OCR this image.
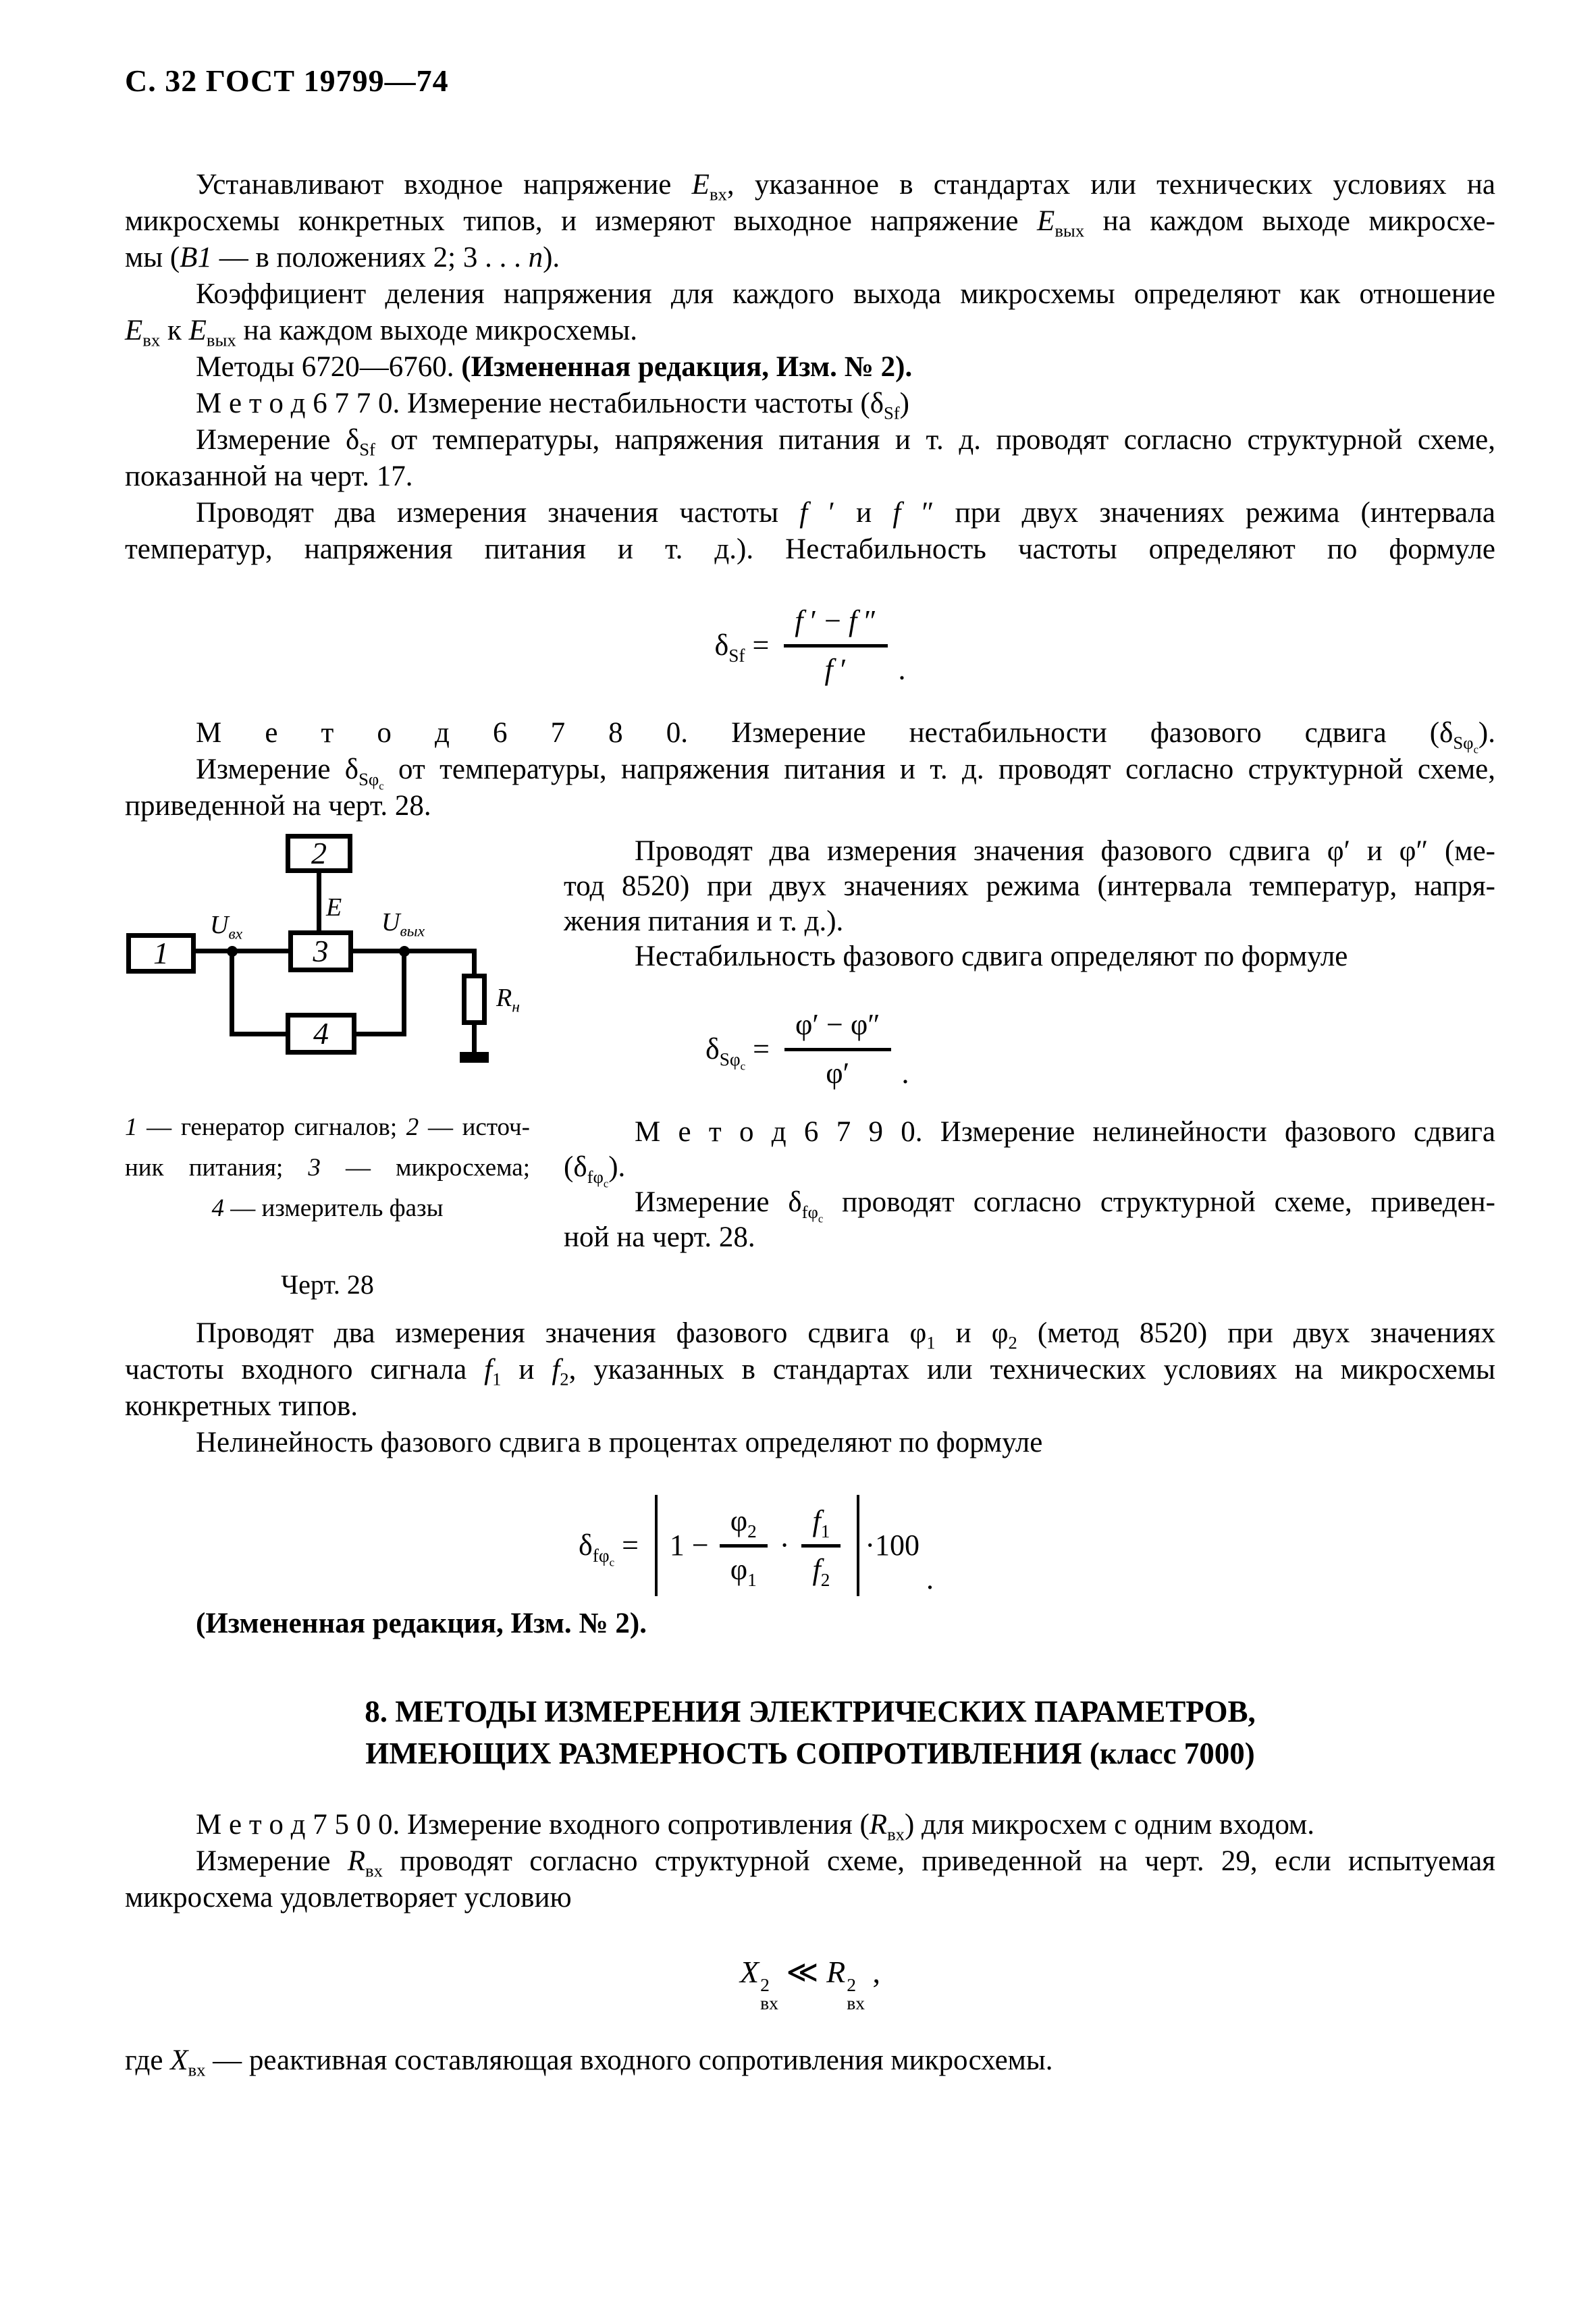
С. 32 ГОСТ 19799—74
Устанавливают входное напряжение $E_{вх}$, указанное в стандартах или технических условиях на
микросхемы конкретных типов, и измеряют выходное напряжение $E_{вых}$ на каждом выходе микросхе-
мы (B1 — в положениях 2; 3 . . . n).
Коэффициент деления напряжения для каждого выхода микросхемы определяют как отношение
$E_{вх}$ к $E_{вых}$ на каждом выходе микросхемы.
Методы 6720—6760. (Измененная редакция, Изм. № 2).
М е т о д 6 7 7 0. Измерение нестабильности частоты $(\delta_{Sf})$
Измерение $\delta_{Sf}$ от температуры, напряжения питания и т. д. проводят согласно структурной схеме,
показанной на черт. 17.
Проводят два измерения значения частоты f ′ и f ″ при двух значениях режима (интервала
температур, напряжения питания и т. д.). Нестабильность частоты определяют по формуле
$\delta_{Sf} = \frac{f ' - f ''}{f '}$ .
М е т о д 6 7 8 0. Измерение нестабильности фазового сдвига $(\delta_{S\varphi_с})$.
Измерение $\delta_{S\varphi_с}$ от температуры, напряжения питания и т. д. проводят согласно структурной схеме,
приведенной на черт. 28.
2
1	3
4
E
$U_{вх}$	$U_{вых}$
$R_н$
1 — генератор сигналов; 2 — источ-
ник питания; 3 — микросхема;
4 — измеритель фазы
Черт. 28
Проводят два измерения значения фазового сдвига φ′ и φ″ (ме-
тод 8520) при двух значениях режима (интервала температур, напря-
жения питания и т. д.).
Нестабильность фазового сдвига определяют по формуле
$\delta_{S\varphi_с} = \frac{\varphi' - \varphi''}{\varphi'}$ .
М е т о д 6 7 9 0. Измерение нелинейности фазового сдвига
$(\delta_{f\varphi_с})$.
Измерение $\delta_{f\varphi_с}$ проводят согласно структурной схеме, приведен-
ной на черт. 28.
Проводят два измерения значения фазового сдвига $\varphi_1$ и $\varphi_2$ (метод 8520) при двух значениях
частоты входного сигнала $f_1$ и $f_2$, указанных в стандартах или технических условиях на микросхемы
конкретных типов.
Нелинейность фазового сдвига в процентах определяют по формуле
$\delta_{f\varphi_с} = 1 - \frac{\varphi_2}{\varphi_1} \cdot \frac{f_1}{f_2} \cdot 100$
.
(Измененная редакция, Изм. № 2).
8. МЕТОДЫ ИЗМЕРЕНИЯ ЭЛЕКТРИЧЕСКИХ ПАРАМЕТРОВ,
ИМЕЮЩИХ РАЗМЕРНОСТЬ СОПРОТИВЛЕНИЯ (класс 7000)
М е т о д 7 5 0 0. Измерение входного сопротивления $(R_{вх})$ для микросхем с одним входом.
Измерение $R_{вх}$ проводят согласно структурной схеме, приведенной на черт. 29, если испытуемая
микросхема удовлетворяет условию
X 2
вх
≪ R 2
вх
,
где $X_{вх}$ — реактивная составляющая входного сопротивления микросхемы.
